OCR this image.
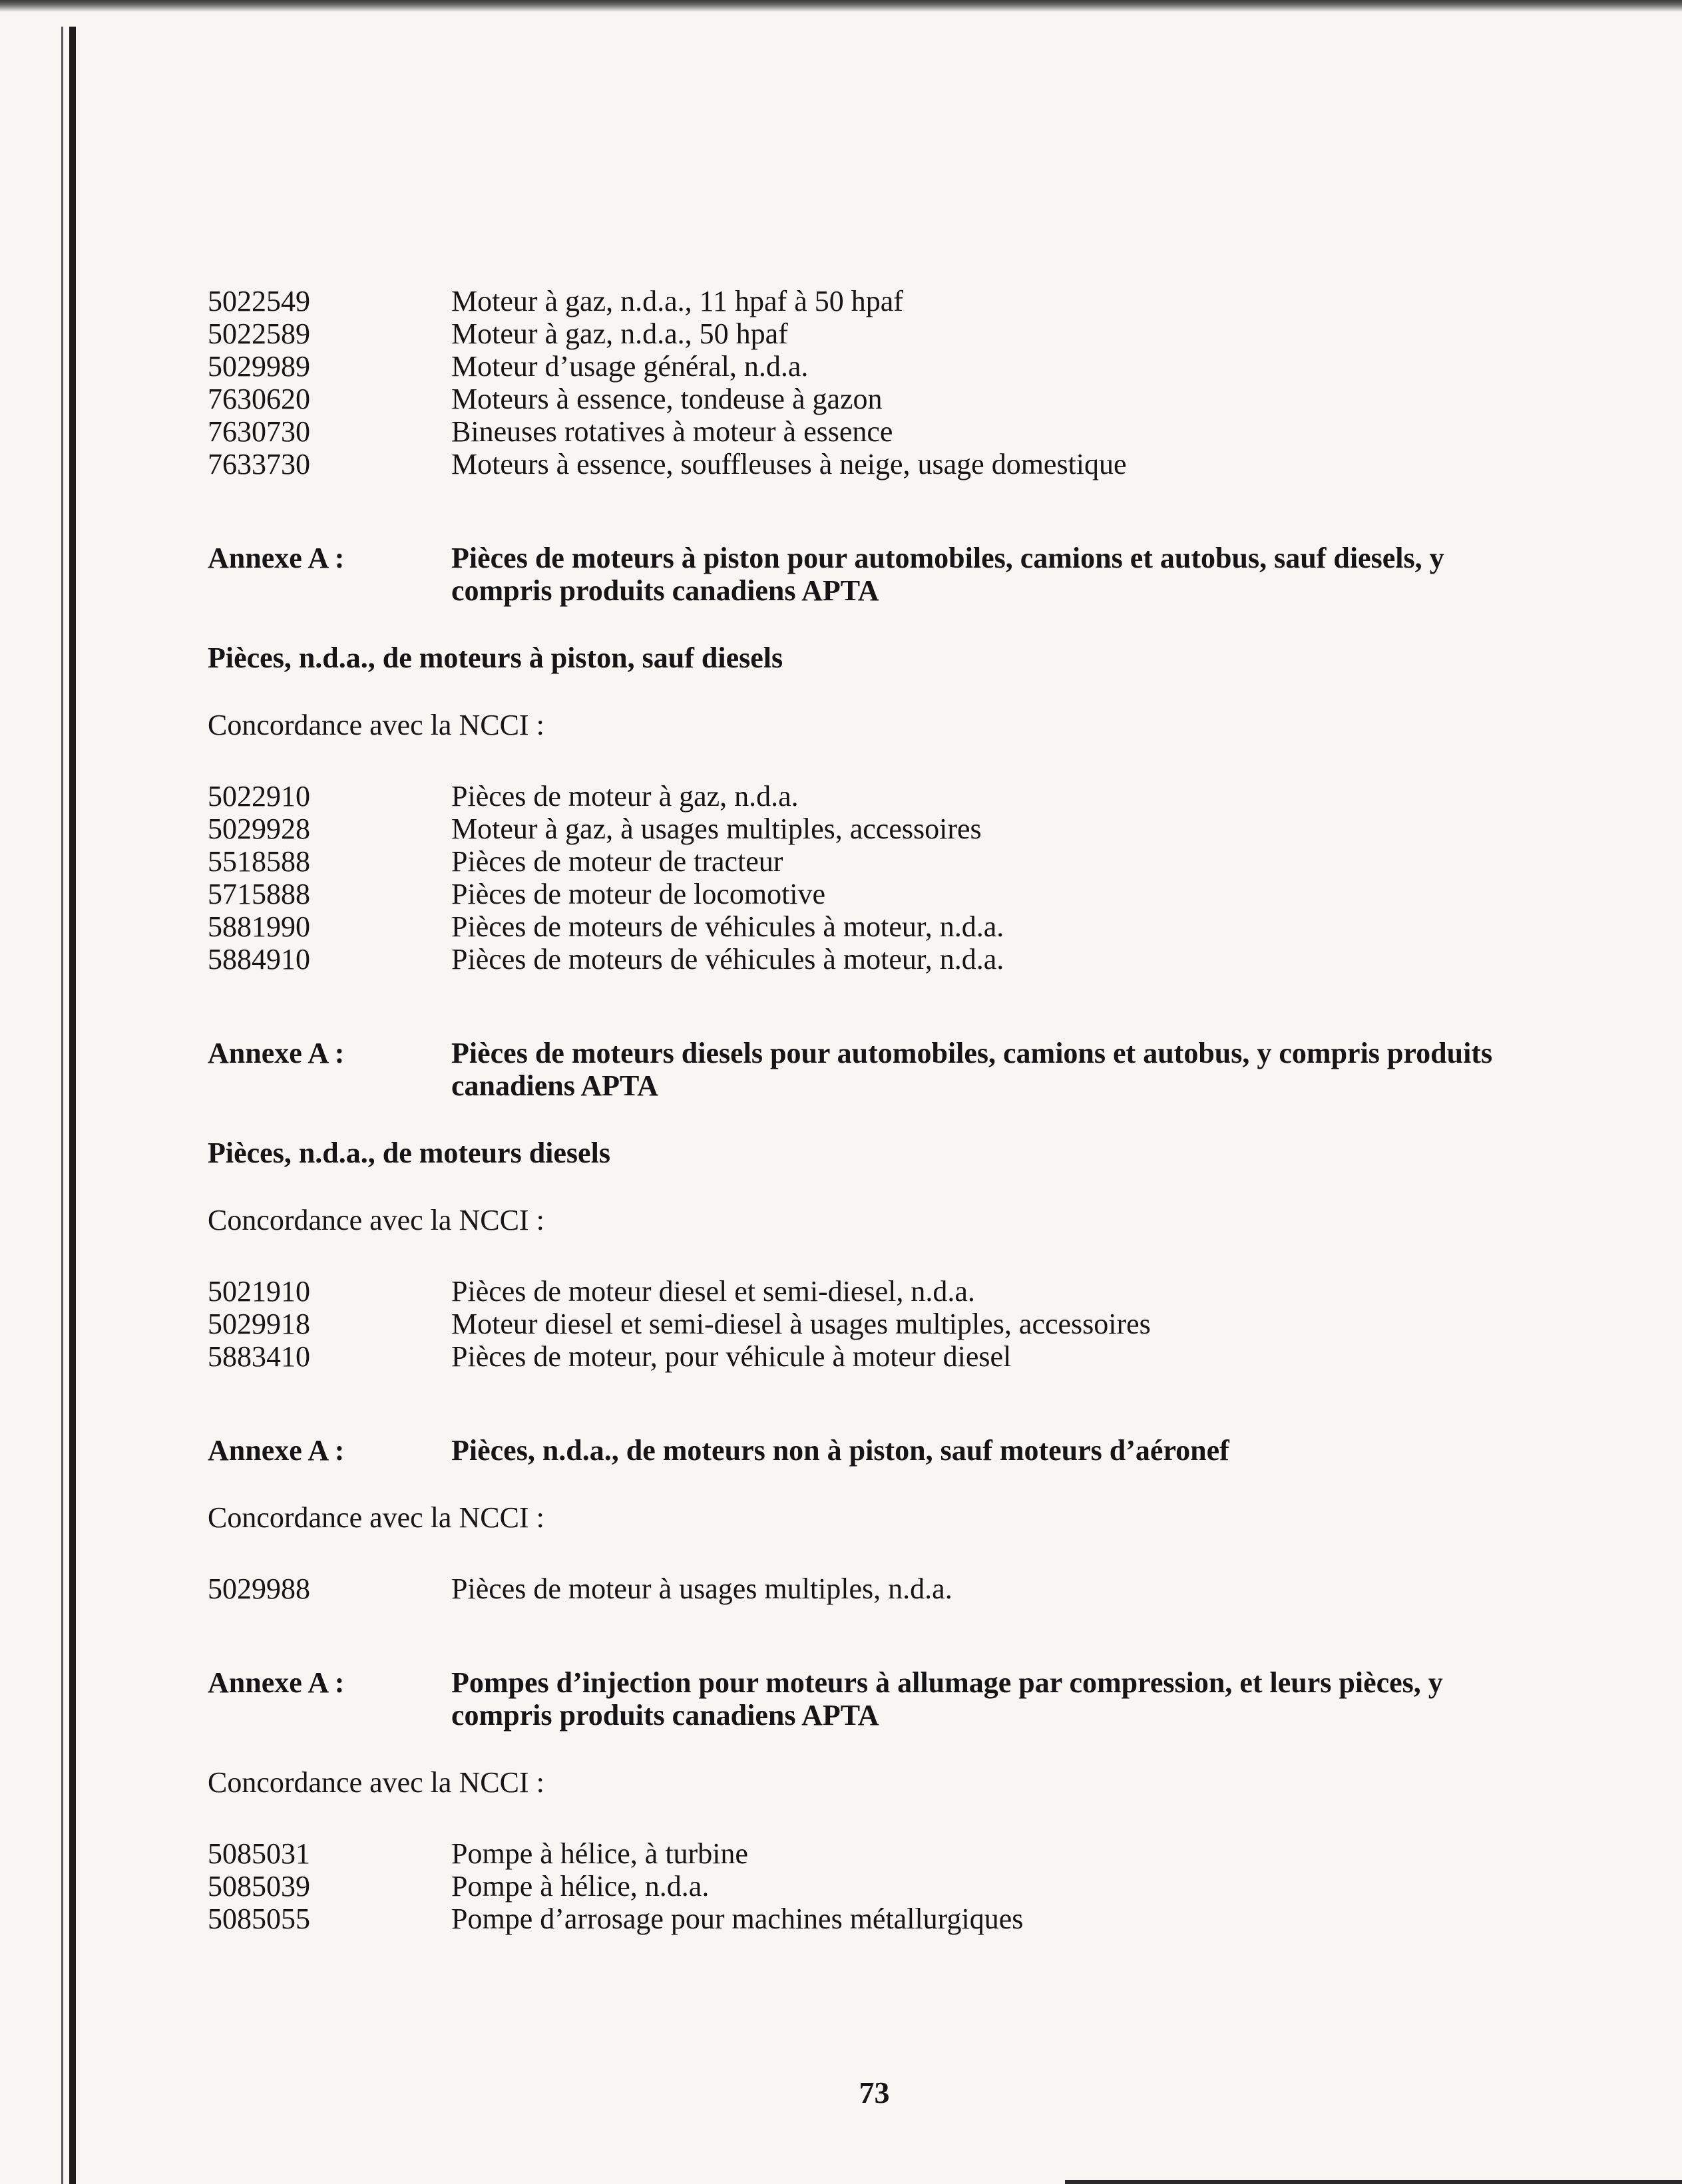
5022549	Moteur à gaz, n.d.a., 11 hpaf à 50 hpaf
5022589	Moteur à gaz, n.d.a., 50 hpaf
5029989	Moteur d’usage général, n.d.a.
7630620	Moteurs à essence, tondeuse à gazon
7630730	Bineuses rotatives à moteur à essence
7633730	Moteurs à essence, souffleuses à neige, usage domestique
Annexe A :	Pièces de moteurs à piston pour automobiles, camions et autobus, sauf diesels, y compris produits canadiens APTA
Pièces, n.d.a., de moteurs à piston, sauf diesels
Concordance avec la NCCI :
5022910	Pièces de moteur à gaz, n.d.a.
5029928	Moteur à gaz, à usages multiples, accessoires
5518588	Pièces de moteur de tracteur
5715888	Pièces de moteur de locomotive
5881990	Pièces de moteurs de véhicules à moteur, n.d.a.
5884910	Pièces de moteurs de véhicules à moteur, n.d.a.
Annexe A :	Pièces de moteurs diesels pour automobiles, camions et autobus, y compris produits canadiens APTA
Pièces, n.d.a., de moteurs diesels
Concordance avec la NCCI :
5021910	Pièces de moteur diesel et semi-diesel, n.d.a.
5029918	Moteur diesel et semi-diesel à usages multiples, accessoires
5883410	Pièces de moteur, pour véhicule à moteur diesel
Annexe A :	Pièces, n.d.a., de moteurs non à piston, sauf moteurs d’aéronef
Concordance avec la NCCI :
5029988	Pièces de moteur à usages multiples, n.d.a.
Annexe A :	Pompes d’injection pour moteurs à allumage par compression, et leurs pièces, y compris produits canadiens APTA
Concordance avec la NCCI :
5085031	Pompe à hélice, à turbine
5085039	Pompe à hélice, n.d.a.
5085055	Pompe d’arrosage pour machines métallurgiques
73
